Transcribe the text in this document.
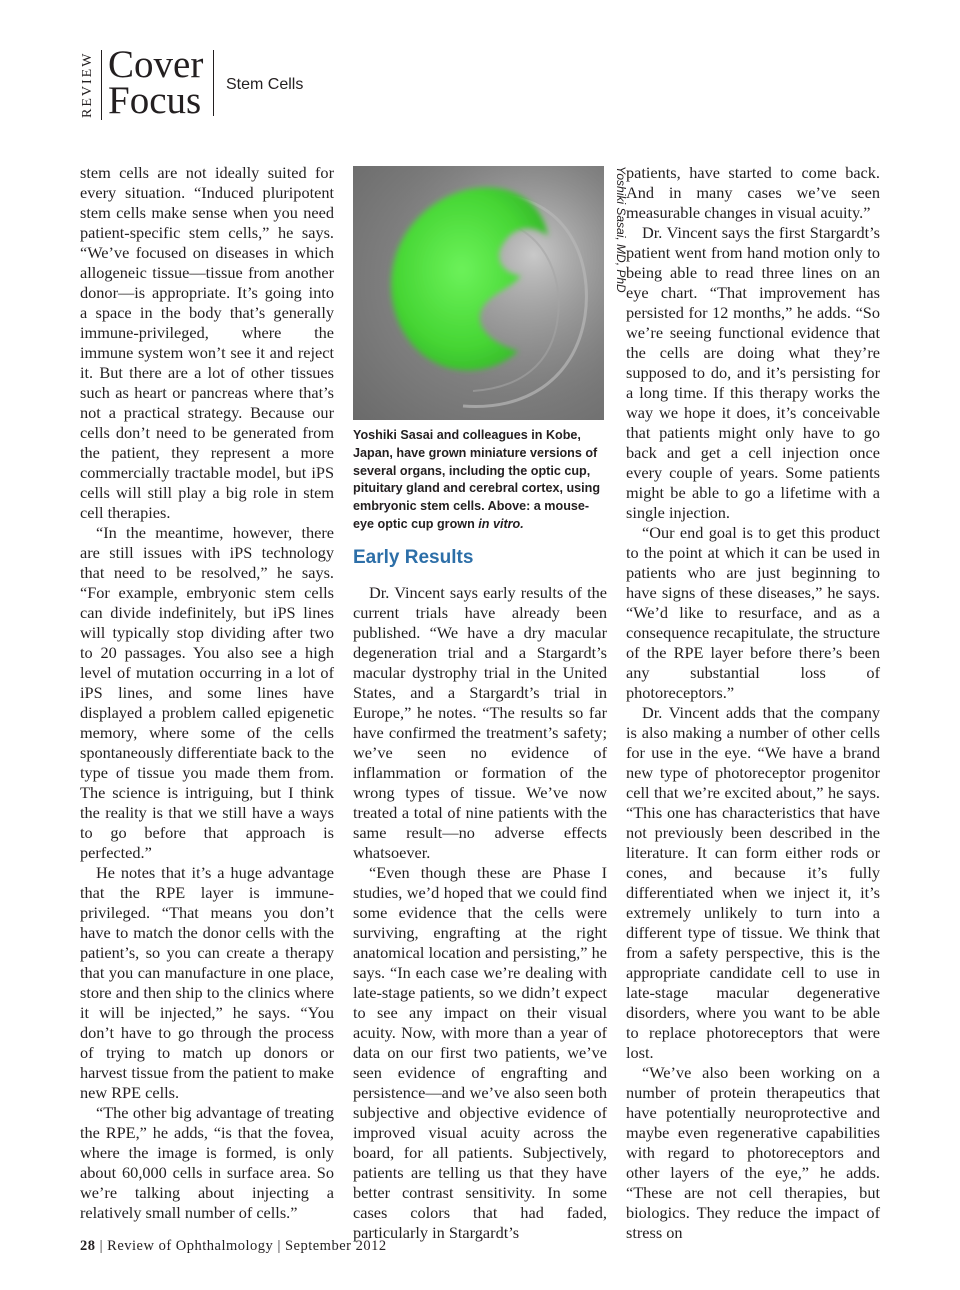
REVIEW Cover
Focus Stem Cells

stem cells are not ideally suited for every situation. “Induced pluripotent stem cells make sense when you need patient-specific stem cells,” he says. “We’ve focused on diseases in which allogeneic tissue—tissue from another donor—is appropriate. It’s going into a space in the body that’s generally immune-privileged, where the immune system won’t see it and reject it. But there are a lot of other tissues such as heart or pancreas where that’s not a practical strategy. Because our cells don’t need to be generated from the patient, they represent a more commercially tractable model, but iPS cells will still play a big role in stem cell therapies.

“In the meantime, however, there are still issues with iPS technology that need to be resolved,” he says. “For example, embryonic stem cells can divide indefinitely, but iPS lines will typically stop dividing after two to 20 passages. You also see a high level of mutation occurring in a lot of iPS lines, and some lines have displayed a problem called epigenetic memory, where some of the cells spontaneously differentiate back to the type of tissue you made them from. The science is intriguing, but I think the reality is that we still have a ways to go before that approach is perfected.”

He notes that it’s a huge advantage that the RPE layer is immune-privileged. “That means you don’t have to match the donor cells with the patient’s, so you can create a therapy that you can manufacture in one place, store and then ship to the clinics where it will be injected,” he says. “You don’t have to go through the process of trying to match up donors or harvest tissue from the patient to make new RPE cells.

“The other big advantage of treating the RPE,” he adds, “is that the fovea, where the image is formed, is only about 60,000 cells in surface area. So we’re talking about injecting a relatively small number of cells.”

Yoshiki Sasai, MD, PhD
Yoshiki Sasai and colleagues in Kobe, Japan, have grown miniature versions of several organs, including the optic cup, pituitary gland and cerebral cortex, using embryonic stem cells. Above: a mouse-eye optic cup grown in vitro.
Early Results

Dr. Vincent says early results of the current trials have already been published. “We have a dry macular degeneration trial and a Stargardt’s macular dystrophy trial in the United States, and a Stargardt’s trial in Europe,” he notes. “The results so far have confirmed the treatment’s safety; we’ve seen no evidence of inflammation or formation of the wrong types of tissue. We’ve now treated a total of nine patients with the same result—no adverse effects whatsoever.

“Even though these are Phase I studies, we’d hoped that we could find some evidence that the cells were surviving, engrafting at the right anatomical location and persisting,” he says. “In each case we’re dealing with late-stage patients, so we didn’t expect to see any impact on their visual acuity. Now, with more than a year of data on our first two patients, we’ve seen evidence of engrafting and persistence—and we’ve also seen both subjective and objective evidence of improved visual acuity across the board, for all patients. Subjectively, patients are telling us that they have better contrast sensitivity. In some cases colors that had faded, particularly in Stargardt’s

patients, have started to come back. And in many cases we’ve seen measurable changes in visual acuity.”

Dr. Vincent says the first Stargardt’s patient went from hand motion only to being able to read three lines on an eye chart. “That improvement has persisted for 12 months,” he adds. “So we’re seeing functional evidence that the cells are doing what they’re supposed to do, and it’s persisting for a long time. If this therapy works the way we hope it does, it’s conceivable that patients might only have to go back and get a cell injection once every couple of years. Some patients might be able to go a lifetime with a single injection.

“Our end goal is to get this product to the point at which it can be used in patients who are just beginning to have signs of these diseases,” he says. “We’d like to resurface, and as a consequence recapitulate, the structure of the RPE layer before there’s been any substantial loss of photoreceptors.”

Dr. Vincent adds that the company is also making a number of other cells for use in the eye. “We have a brand new type of photoreceptor progenitor cell that we’re excited about,” he says. “This one has characteristics that have not previously been described in the literature. It can form either rods or cones, and because it’s fully differentiated when we inject it, it’s extremely unlikely to turn into a different type of tissue. We think that from a safety perspective, this is the appropriate candidate cell to use in late-stage macular degenerative disorders, where you want to be able to replace photoreceptors that were lost.

“We’ve also been working on a number of protein therapeutics that have potentially neuroprotective and maybe even regenerative capabilities with regard to photoreceptors and other layers of the eye,” he adds. “These are not cell therapies, but biologics. They reduce the impact of stress on

28 | Review of Ophthalmology | September 2012
